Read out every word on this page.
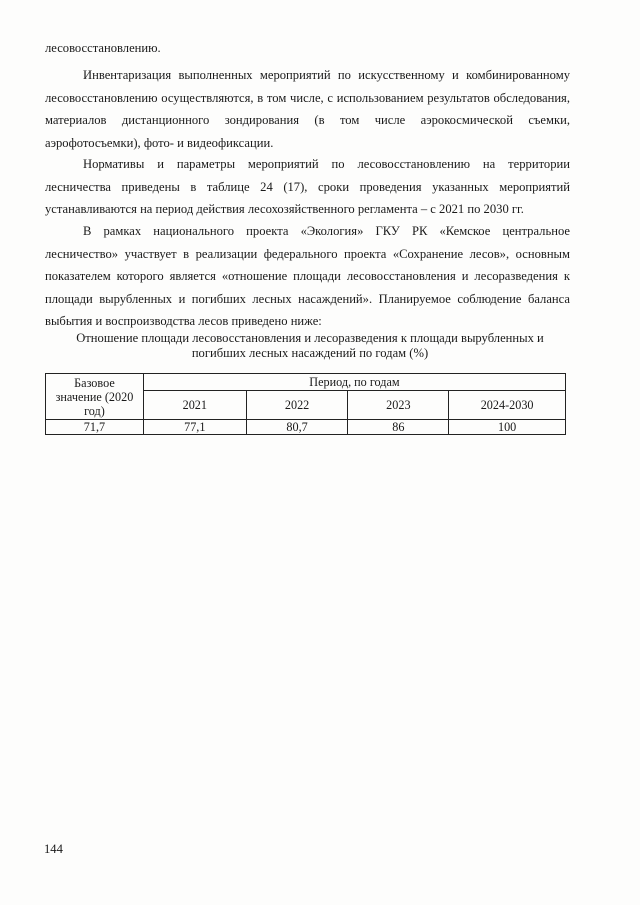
лесовосстановлению.

Инвентаризация выполненных мероприятий по искусственному и комбинированному лесовосстановлению осуществляются, в том числе, с использованием результатов обследования, материалов дистанционного зондирования (в том числе аэрокосмической съемки, аэрофотосъемки), фото- и видеофиксации.

Нормативы и параметры мероприятий по лесовосстановлению на территории лесничества приведены в таблице 24 (17), сроки проведения указанных мероприятий устанавливаются на период действия лесохозяйственного регламента – с 2021 по 2030 гг.

В рамках национального проекта «Экология» ГКУ РК «Кемское центральное лесничество» участвует в реализации федерального проекта «Сохранение лесов», основным показателем которого является «отношение площади лесовосстановления и лесоразведения к площади вырубленных и погибших лесных насаждений». Планируемое соблюдение баланса выбытия и воспроизводства лесов приведено ниже:

Отношение площади лесовосстановления и лесоразведения к площади вырубленных и
погибших лесных насаждений по годам (%)
Базовое значение (2020 год)	Период, по годам			
	2021	2022	2023	2024-2030
71,7	77,1	80,7	86	100
144
